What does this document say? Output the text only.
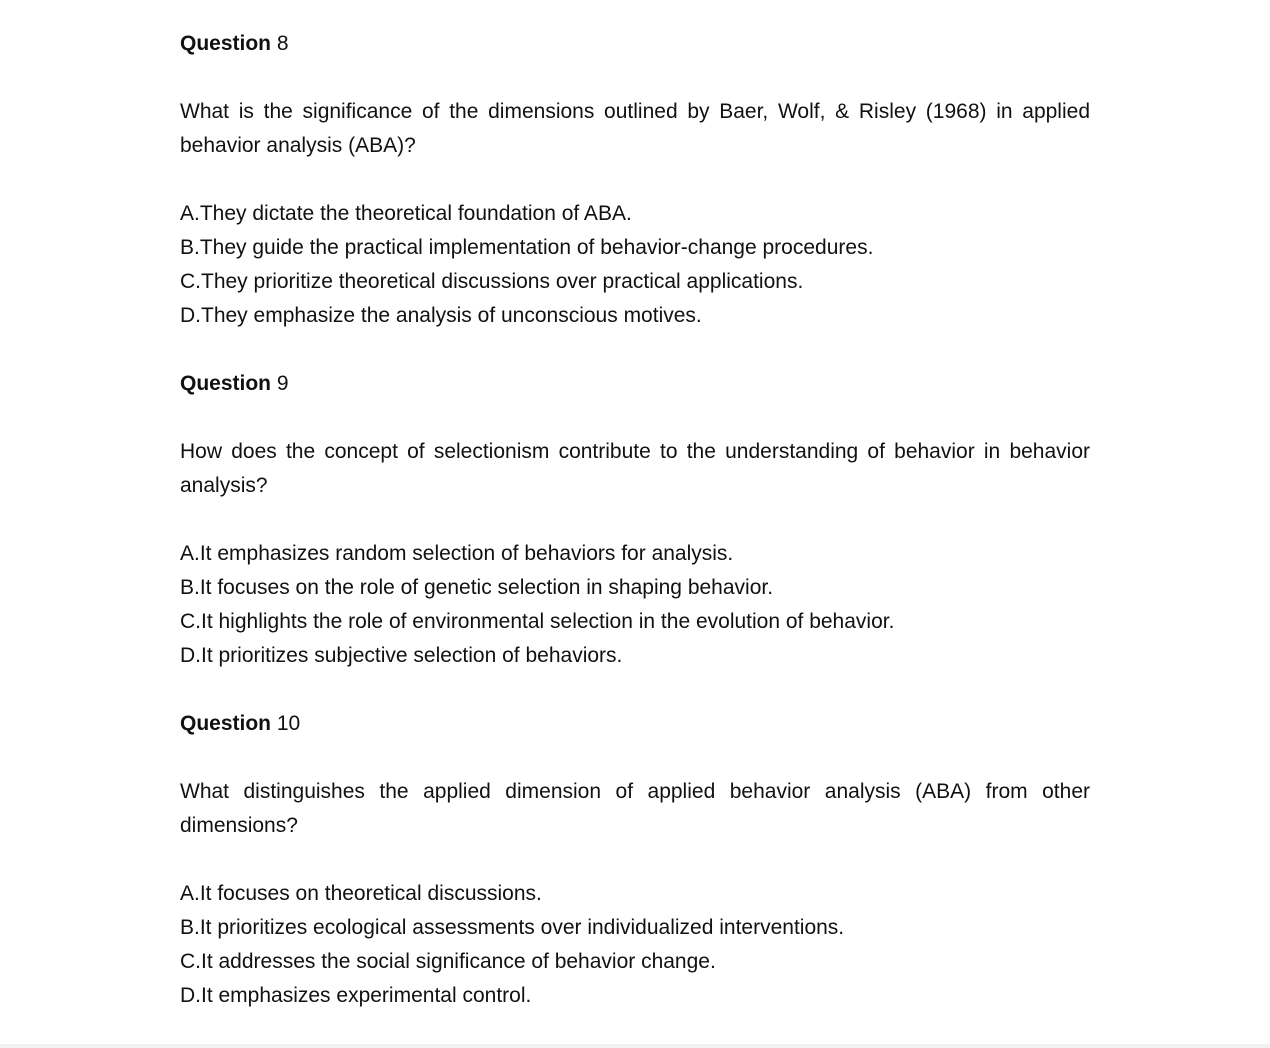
Question 8

What is the significance of the dimensions outlined by Baer, Wolf, & Risley (1968) in applied behavior analysis (ABA)?

A.They dictate the theoretical foundation of ABA.
B.They guide the practical implementation of behavior-change procedures.
C.They prioritize theoretical discussions over practical applications.
D.They emphasize the analysis of unconscious motives.
Question 9

How does the concept of selectionism contribute to the understanding of behavior in behavior analysis?

A.It emphasizes random selection of behaviors for analysis.
B.It focuses on the role of genetic selection in shaping behavior.
C.It highlights the role of environmental selection in the evolution of behavior.
D.It prioritizes subjective selection of behaviors.
Question 10

What distinguishes the applied dimension of applied behavior analysis (ABA) from other dimensions?

A.It focuses on theoretical discussions.
B.It prioritizes ecological assessments over individualized interventions.
C.It addresses the social significance of behavior change.
D.It emphasizes experimental control.
